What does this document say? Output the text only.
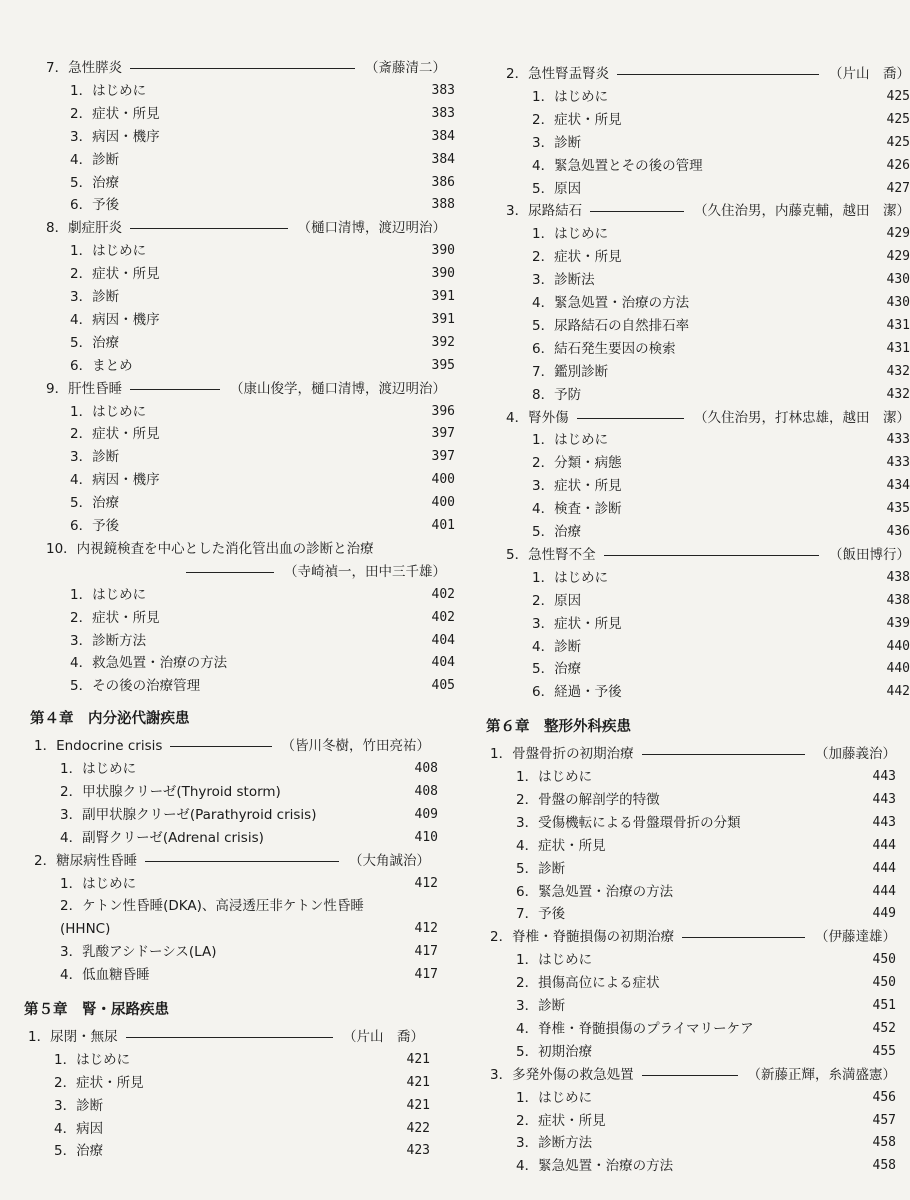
7．急性膵炎	（斎藤清二）
1．はじめに	383
2．症状・所見	383
3．病因・機序	384
4．診断	384
5．治療	386
6．予後	388
8．劇症肝炎	（樋口清博，渡辺明治）
1．はじめに	390
2．症状・所見	390
3．診断	391
4．病因・機序	391
5．治療	392
6．まとめ	395
9．肝性昏睡	（康山俊学，樋口清博，渡辺明治）
1．はじめに	396
2．症状・所見	397
3．診断	397
4．病因・機序	400
5．治療	400
6．予後	401
10．内視鏡検査を中心とした消化管出血の診断と治療
（寺崎禎一，田中三千雄）
1．はじめに	402
2．症状・所見	402
3．診断方法	404
4．救急処置・治療の方法	404
5．その後の治療管理	405
第４章　内分泌代謝疾患
1．Endocrine crisis	（皆川冬樹，竹田亮祐）
1．はじめに	408
2．甲状腺クリーゼ(Thyroid storm)	408
3．副甲状腺クリーゼ(Parathyroid crisis)	409
4．副腎クリーゼ(Adrenal crisis)	410
2．糖尿病性昏睡	（大角誠治）
1．はじめに	412
2．ケトン性昏睡(DKA)、高浸透圧非ケトン性昏睡
(HHNC)	412
3．乳酸アシドーシス(LA)	417
4．低血糖昏睡	417
第５章　腎・尿路疾患
1．尿閉・無尿	（片山　喬）
1．はじめに	421
2．症状・所見	421
3．診断	421
4．病因	422
5．治療	423
2．急性腎盂腎炎	（片山　喬）
1．はじめに	425
2．症状・所見	425
3．診断	425
4．緊急処置とその後の管理	426
5．原因	427
3．尿路結石	（久住治男，内藤克輔，越田　潔）
1．はじめに	429
2．症状・所見	429
3．診断法	430
4．緊急処置・治療の方法	430
5．尿路結石の自然排石率	431
6．結石発生要因の検索	431
7．鑑別診断	432
8．予防	432
4．腎外傷	（久住治男，打林忠雄，越田　潔）
1．はじめに	433
2．分類・病態	433
3．症状・所見	434
4．検査・診断	435
5．治療	436
5．急性腎不全	（飯田博行）
1．はじめに	438
2．原因	438
3．症状・所見	439
4．診断	440
5．治療	440
6．経過・予後	442
第６章　整形外科疾患
1．骨盤骨折の初期治療	（加藤義治）
1．はじめに	443
2．骨盤の解剖学的特徴	443
3．受傷機転による骨盤環骨折の分類	443
4．症状・所見	444
5．診断	444
6．緊急処置・治療の方法	444
7．予後	449
2．脊椎・脊髄損傷の初期治療	（伊藤達雄）
1．はじめに	450
2．損傷高位による症状	450
3．診断	451
4．脊椎・脊髄損傷のプライマリーケア	452
5．初期治療	455
3．多発外傷の救急処置	（新藤正輝，糸満盛憲）
1．はじめに	456
2．症状・所見	457
3．診断方法	458
4．緊急処置・治療の方法	458
